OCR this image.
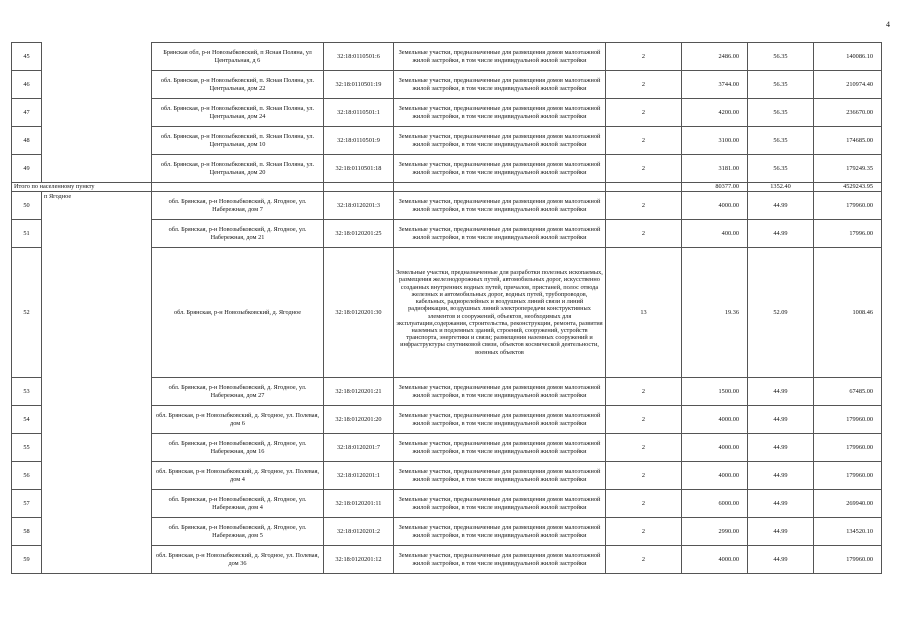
4
45		Брянская обл, р-н Новозыбковский, п Ясная Поляна, ул Центральная, д 6	32:18:0110501:6	Земельные участки, предназначенные для размещения домов малоэтажной жилой застройки, в том числе индивидуальной жилой застройки	2	2486.00	56.35	140086.10
46		обл. Брянская, р-н Новозыбковский, п. Ясная Поляна, ул. Центральная, дом 22	32:18:0110501:19	Земельные участки, предназначенные для размещения домов малоэтажной жилой застройки, в том числе индивидуальной жилой застройки	2	3744.00	56.35	210974.40
47		обл. Брянская, р-н Новозыбковский, п. Ясная Поляна, ул. Центральная, дом 24	32:18:0110501:1	Земельные участки, предназначенные для размещения домов малоэтажной жилой застройки, в том числе индивидуальной жилой застройки	2	4200.00	56.35	236670.00
48		обл. Брянская, р-н Новозыбковский, п. Ясная Поляна, ул. Центральная, дом 10	32:18:0110501:9	Земельные участки, предназначенные для размещения домов малоэтажной жилой застройки, в том числе индивидуальной жилой застройки	2	3100.00	56.35	174685.00
49		обл. Брянская, р-н Новозыбковский, п. Ясная Поляна, ул. Центральная, дом 20	32:18:0110501:18	Земельные участки, предназначенные для размещения домов малоэтажной жилой застройки, в том числе индивидуальной жилой застройки	2	3181.00	56.35	179249.35
Итого по населенному пункту						80377.00	1352.40	4529243.95
50	п Ягодное	обл. Брянская, р-н Новозыбковский, д. Ягодное, ул. Набережная, дом 7	32:18:0120201:3	Земельные участки, предназначенные для размещения домов малоэтажной жилой застройки, в том числе индивидуальной жилой застройки	2	4000.00	44.99	179960.00
51		обл. Брянская, р-н Новозыбковский, д. Ягодное, ул. Набережная, дом 21	32:18:0120201:25	Земельные участки, предназначенные для размещения домов малоэтажной жилой застройки, в том числе индивидуальной жилой застройки	2	400.00	44.99	17996.00
52		обл. Брянская, р-н Новозыбковский, д. Ягодное	32:18:0120201:30	Земельные участки, предназначенные для разработки полезных ископаемых, размещения железнодорожных путей, автомобильных дорог, искусственно созданных внутренних водных путей, причалов, пристаней, полос отвода железных и автомобильных дорог, водных путей, трубопроводов, кабельных, радиорелейных и воздушных линий связи и линий радиофикации, воздушных линий электропередачи конструктивных элементов и сооружений, объектов, необходимых для эксплуатации,содержания, строительства, реконструкции, ремонта, развития наземных и подземных зданий, строений, сооружений, устройств транспорта, энергетики и связи; размещения наземных сооружений и инфраструктуры спутниковой связи, объектов космической деятельности, военных объектов	13	19.36	52.09	1008.46
53		обл. Брянская, р-н Новозыбковский, д. Ягодное, ул. Набережная, дом 27	32:18:0120201:21	Земельные участки, предназначенные для размещения домов малоэтажной жилой застройки, в том числе индивидуальной жилой застройки	2	1500.00	44.99	67485.00
54		обл. Брянская, р-н Новозыбковский, д. Ягодное, ул. Полевая, дом 6	32:18:0120201:20	Земельные участки, предназначенные для размещения домов малоэтажной жилой застройки, в том числе индивидуальной жилой застройки	2	4000.00	44.99	179960.00
55		обл. Брянская, р-н Новозыбковский, д. Ягодное, ул. Набережная, дом 16	32:18:0120201:7	Земельные участки, предназначенные для размещения домов малоэтажной жилой застройки, в том числе индивидуальной жилой застройки	2	4000.00	44.99	179960.00
56		обл. Брянская, р-н Новозыбковский, д. Ягодное, ул. Полевая, дом 4	32:18:0120201:1	Земельные участки, предназначенные для размещения домов малоэтажной жилой застройки, в том числе индивидуальной жилой застройки	2	4000.00	44.99	179960.00
57		обл. Брянская, р-н Новозыбковский, д. Ягодное, ул. Набережная, дом 4	32:18:0120201:11	Земельные участки, предназначенные для размещения домов малоэтажной жилой застройки, в том числе индивидуальной жилой застройки	2	6000.00	44.99	269940.00
58		обл. Брянская, р-н Новозыбковский, д. Ягодное, ул. Набережная, дом 5	32:18:0120201:2	Земельные участки, предназначенные для размещения домов малоэтажной жилой застройки, в том числе индивидуальной жилой застройки	2	2990.00	44.99	134520.10
59		обл. Брянская, р-н Новозыбковский, д. Ягодное, ул. Полевая, дом 36	32:18:0120201:12	Земельные участки, предназначенные для размещения домов малоэтажной жилой застройки, в том числе индивидуальной жилой застройки	2	4000.00	44.99	179960.00
